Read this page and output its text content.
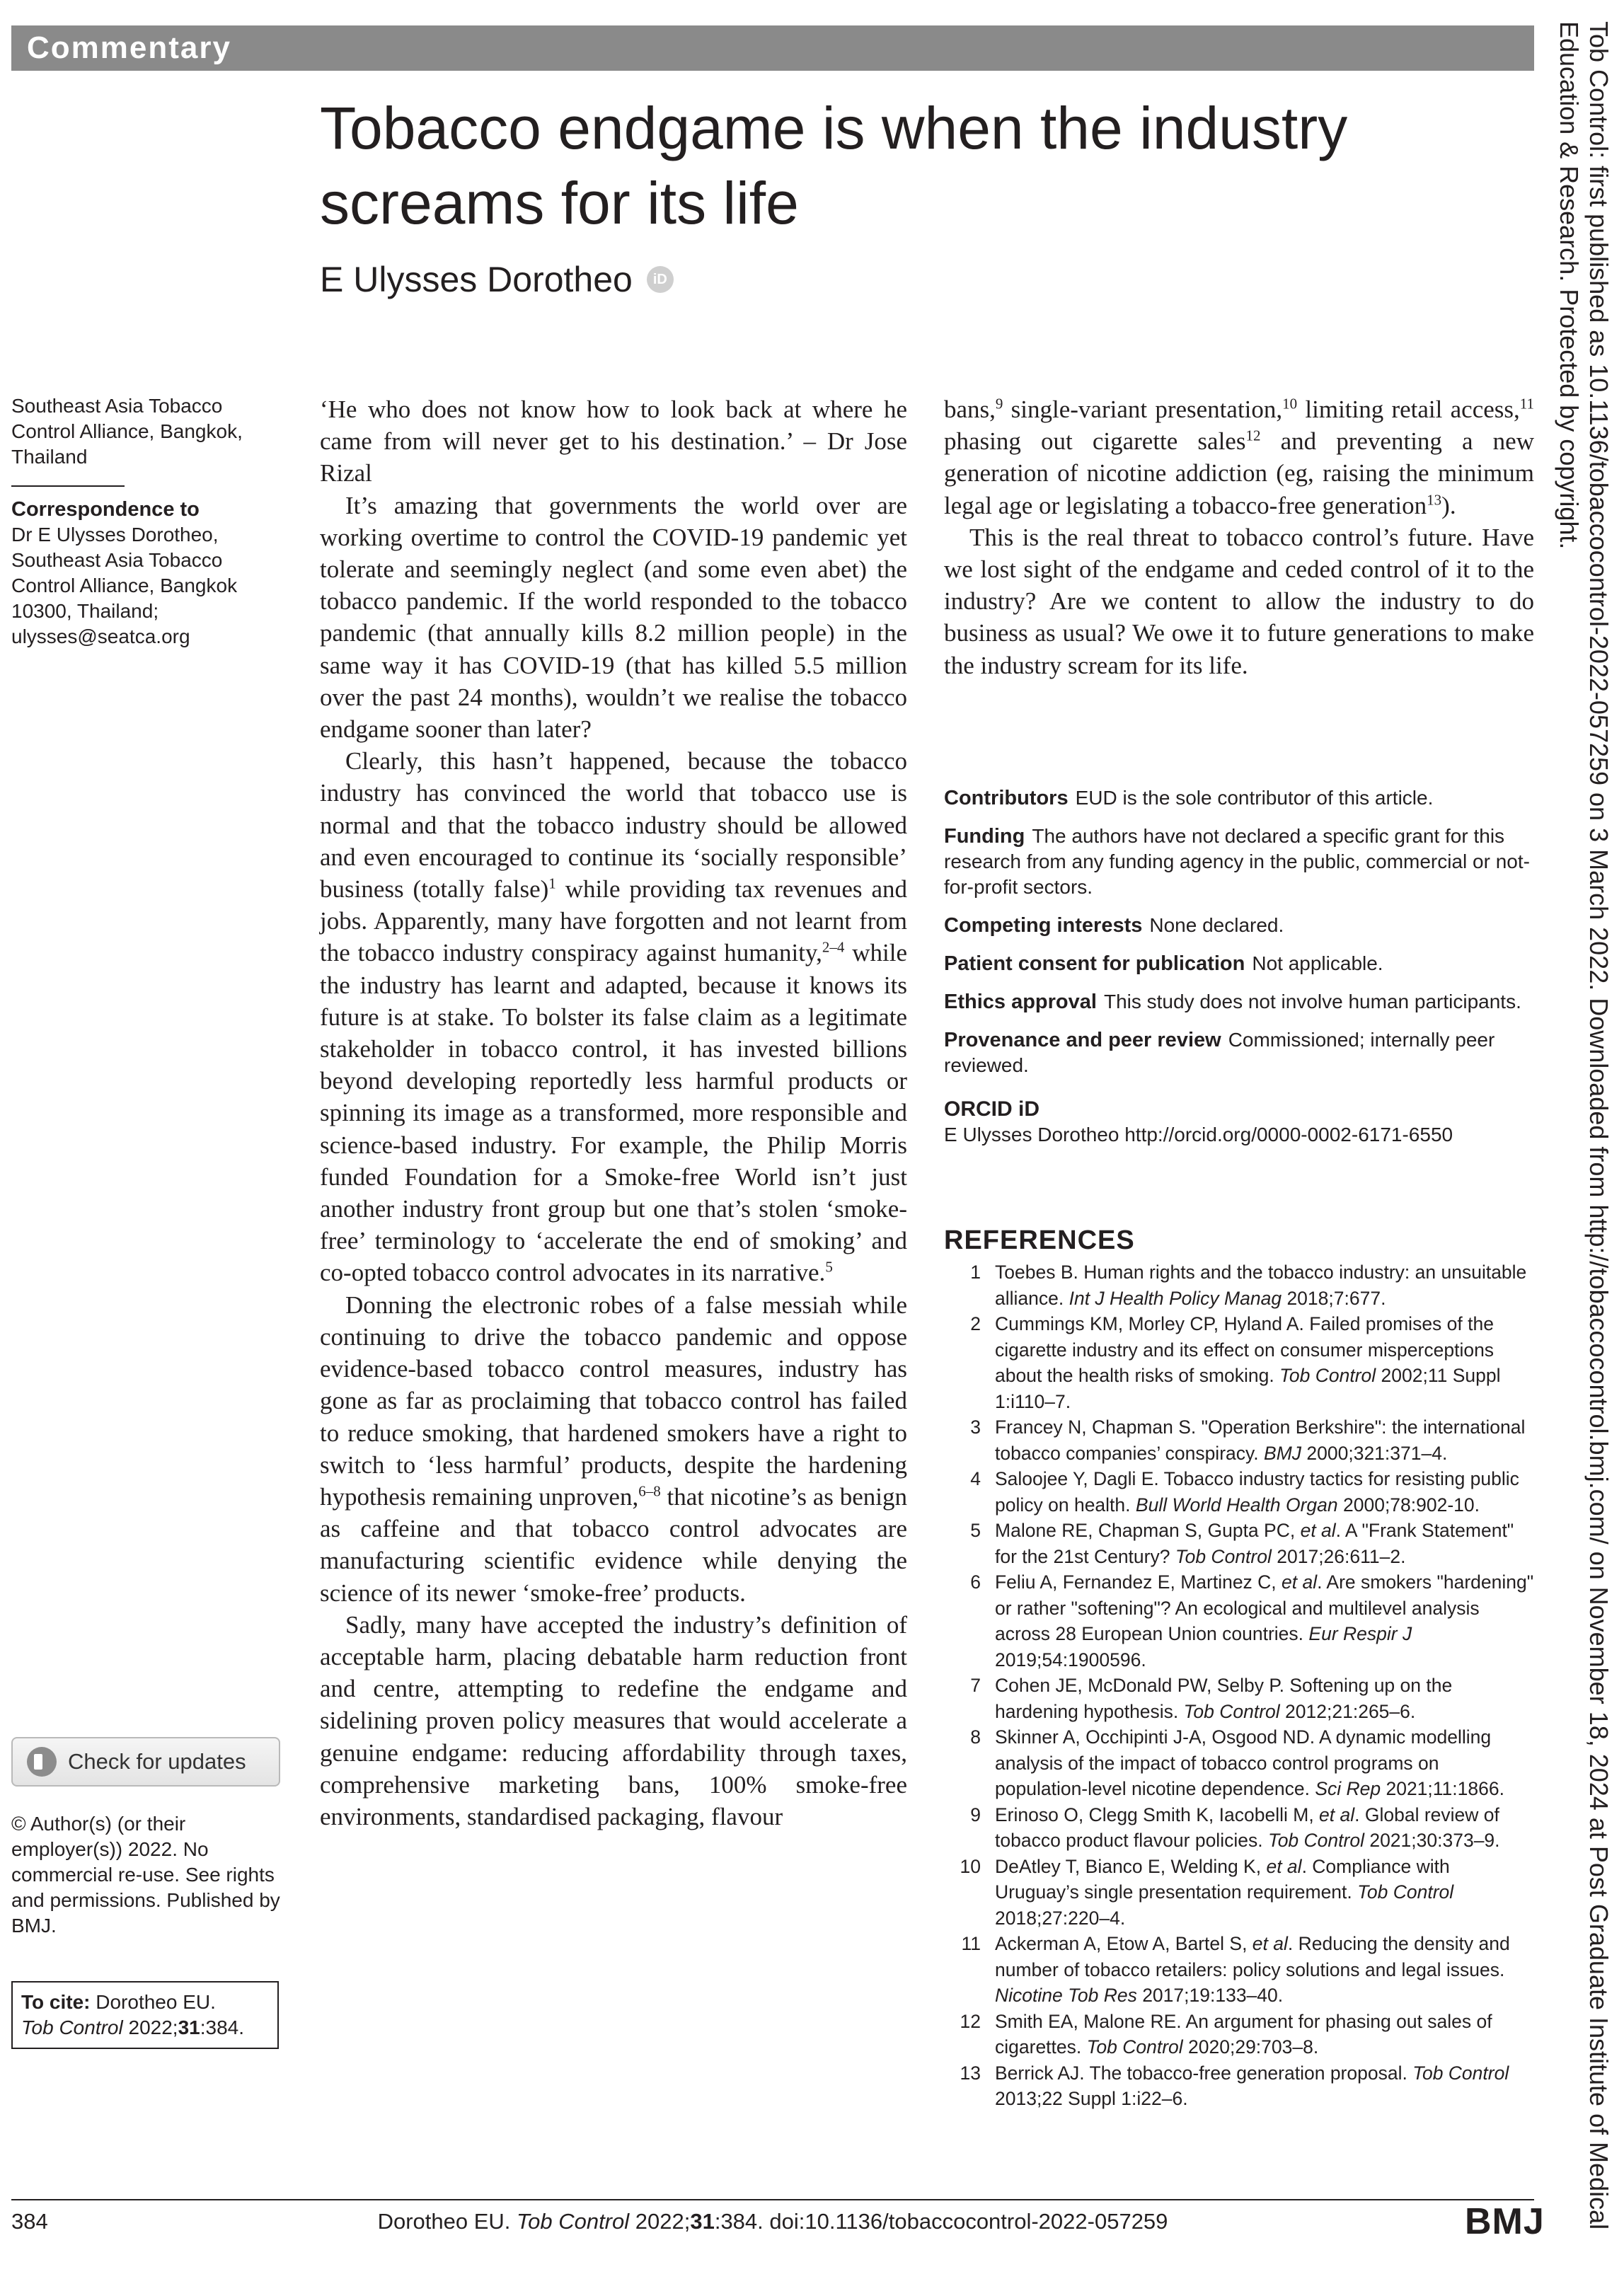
Commentary
Tobacco endgame is when the industry screams for its life
E Ulysses Dorotheo	iD

Southeast Asia Tobacco Control Alliance, Bangkok, Thailand

Correspondence to

Dr E Ulysses Dorotheo, Southeast Asia Tobacco Control Alliance, Bangkok 10300, Thailand; ulysses@seatca.org

Check for updates
© Author(s) (or their employer(s)) 2022. No commercial re-use. See rights and permissions. Published by BMJ.
To cite: Dorotheo EU.
Tob Control 2022;31:384.

‘He who does not know how to look back at where he came from will never get to his destination.’ – Dr Jose Rizal

It’s amazing that governments the world over are working overtime to control the COVID-19 pandemic yet tolerate and seemingly neglect (and some even abet) the tobacco pandemic. If the world responded to the tobacco pandemic (that annually kills 8.2 million people) in the same way it has COVID-19 (that has killed 5.5 million over the past 24 months), wouldn’t we realise the tobacco endgame sooner than later?

Clearly, this hasn’t happened, because the tobacco industry has convinced the world that tobacco use is normal and that the tobacco industry should be allowed and even encouraged to continue its ‘socially responsible’ business (totally false)$^1$ while providing tax revenues and jobs. Apparently, many have forgotten and not learnt from the tobacco industry conspiracy against humanity,$^{2-4}$ while the industry has learnt and adapted, because it knows its future is at stake. To bolster its false claim as a legitimate stakeholder in tobacco control, it has invested billions beyond developing reportedly less harmful products or spinning its image as a transformed, more responsible and science-based industry. For example, the Philip Morris funded Foundation for a Smoke-free World isn’t just another industry front group but one that’s stolen ‘smoke-free’ terminology to ‘accelerate the end of smoking’ and co-opted tobacco control advocates in its narrative.$^5$

Donning the electronic robes of a false messiah while continuing to drive the tobacco pandemic and oppose evidence-based tobacco control measures, industry has gone as far as proclaiming that tobacco control has failed to reduce smoking, that hardened smokers have a right to switch to ‘less harmful’ products, despite the hardening hypothesis remaining unproven,$^{6-8}$ that nicotine’s as benign as caffeine and that tobacco control advocates are manufacturing scientific evidence while denying the science of its newer ‘smoke-free’ products.

Sadly, many have accepted the industry’s definition of acceptable harm, placing debatable harm reduction front and centre, attempting to redefine the endgame and sidelining proven policy measures that would accelerate a genuine endgame: reducing affordability through taxes, comprehensive marketing bans, 100% smoke-free environments, standardised packaging, flavour

bans,$^9$ single-variant presentation,$^{10}$ limiting retail access,$^{11}$ phasing out cigarette sales$^{12}$ and preventing a new generation of nicotine addiction (eg, raising the minimum legal age or legislating a tobacco-free generation$^{13}$).

This is the real threat to tobacco control’s future. Have we lost sight of the endgame and ceded control of it to the industry? Are we content to allow the industry to do business as usual? We owe it to future generations to make the industry scream for its life.

Contributors EUD is the sole contributor of this article.

Funding The authors have not declared a specific grant for this research from any funding agency in the public, commercial or not-for-profit sectors.

Competing interests None declared.

Patient consent for publication Not applicable.

Ethics approval This study does not involve human participants.

Provenance and peer review Commissioned; internally peer reviewed.

ORCID iD

E Ulysses Dorotheo http://orcid.org/0000-0002-6171-6550

REFERENCES
1 Toebes B. Human rights and the tobacco industry: an unsuitable alliance. Int J Health Policy Manag 2018;7:677.
2 Cummings KM, Morley CP, Hyland A. Failed promises of the cigarette industry and its effect on consumer misperceptions about the health risks of smoking. Tob Control 2002;11 Suppl 1:i110–7.
3 Francey N, Chapman S. "Operation Berkshire": the international tobacco companies’ conspiracy. BMJ 2000;321:371–4.
4 Saloojee Y, Dagli E. Tobacco industry tactics for resisting public policy on health. Bull World Health Organ 2000;78:902-10.
5 Malone RE, Chapman S, Gupta PC, et al. A "Frank Statement" for the 21st Century? Tob Control 2017;26:611–2.
6 Feliu A, Fernandez E, Martinez C, et al. Are smokers "hardening" or rather "softening"? An ecological and multilevel analysis across 28 European Union countries. Eur Respir J 2019;54:1900596.
7 Cohen JE, McDonald PW, Selby P. Softening up on the hardening hypothesis. Tob Control 2012;21:265–6.
8 Skinner A, Occhipinti J-A, Osgood ND. A dynamic modelling analysis of the impact of tobacco control programs on population-level nicotine dependence. Sci Rep 2021;11:1866.
9 Erinoso O, Clegg Smith K, Iacobelli M, et al. Global review of tobacco product flavour policies. Tob Control 2021;30:373–9.
10 DeAtley T, Bianco E, Welding K, et al. Compliance with Uruguay’s single presentation requirement. Tob Control 2018;27:220–4.
11 Ackerman A, Etow A, Bartel S, et al. Reducing the density and number of tobacco retailers: policy solutions and legal issues. Nicotine Tob Res 2017;19:133–40.
12 Smith EA, Malone RE. An argument for phasing out sales of cigarettes. Tob Control 2020;29:703–8.
13 Berrick AJ. The tobacco-free generation proposal. Tob Control 2013;22 Suppl 1:i22–6.
384	Dorotheo EU. Tob Control 2022;31:384. doi:10.1136/tobaccocontrol-2022-057259	BMJ	Tob Control: first published as 10.1136/tobaccocontrol-2022-057259 on 3 March 2022. Downloaded from http://tobaccocontrol.bmj.com/ on November 18, 2024 at Post Graduate Institute of Medical Education & Research. Protected by copyright.
